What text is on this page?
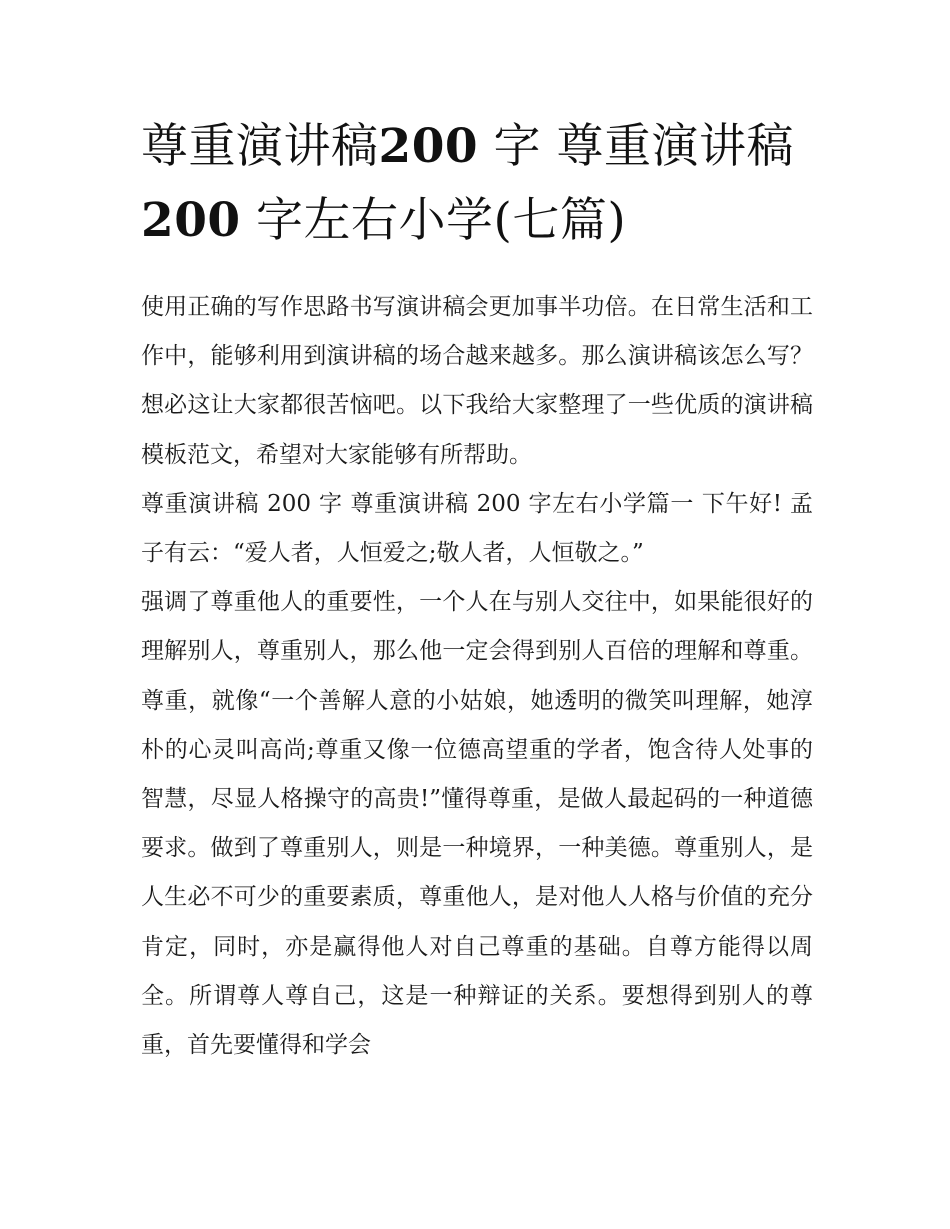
尊重演讲稿200 字 尊重演讲稿 200 字左右小学(七篇)

使用正确的写作思路书写演讲稿会更加事半功倍。在日常生活和工作中，能够利用到演讲稿的场合越来越多。那么演讲稿该怎么写？想必这让大家都很苦恼吧。以下我给大家整理了一些优质的演讲稿模板范文，希望对大家能够有所帮助。

尊重演讲稿 200 字 尊重演讲稿 200 字左右小学篇一 下午好! 孟子有云：“爱人者，人恒爱之;敬人者，人恒敬之。”

强调了尊重他人的重要性，一个人在与别人交往中，如果能很好的理解别人，尊重别人，那么他一定会得到别人百倍的理解和尊重。尊重，就像“一个善解人意的小姑娘，她透明的微笑叫理解，她淳朴的心灵叫高尚;尊重又像一位德高望重的学者，饱含待人处事的智慧，尽显人格操守的高贵!”懂得尊重，是做人最起码的一种道德要求。做到了尊重别人，则是一种境界，一种美德。尊重别人，是人生必不可少的重要素质，尊重他人，是对他人人格与价值的充分肯定，同时，亦是赢得他人对自己尊重的基础。自尊方能得以周全。所谓尊人尊自己，这是一种辩证的关系。要想得到别人的尊重，首先要懂得和学会
